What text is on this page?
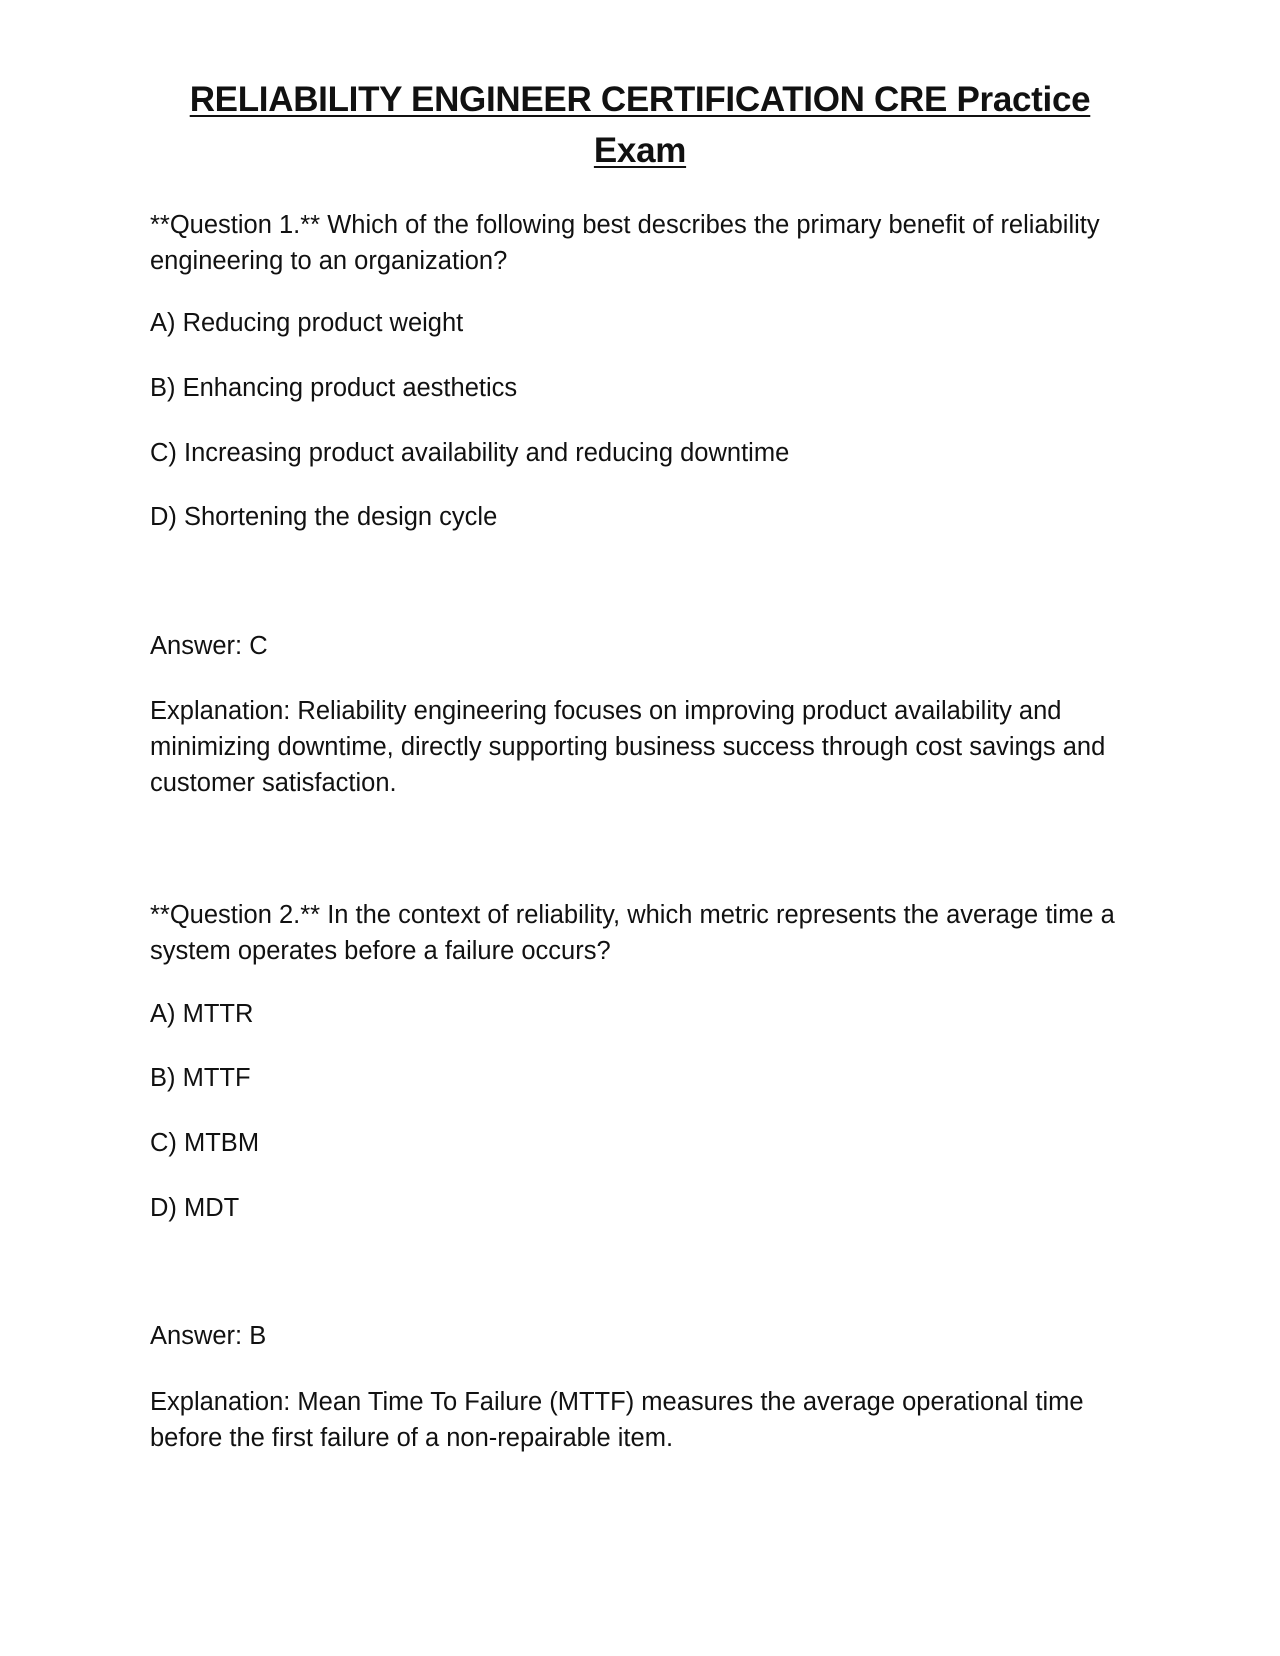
RELIABILITY ENGINEER CERTIFICATION CRE Practice Exam

**Question 1.** Which of the following best describes the primary benefit of reliability engineering to an organization?

A) Reducing product weight

B) Enhancing product aesthetics

C) Increasing product availability and reducing downtime

D) Shortening the design cycle

Answer: C

Explanation: Reliability engineering focuses on improving product availability and minimizing downtime, directly supporting business success through cost savings and customer satisfaction.

**Question 2.** In the context of reliability, which metric represents the average time a system operates before a failure occurs?

A) MTTR

B) MTTF

C) MTBM

D) MDT

Answer: B

Explanation: Mean Time To Failure (MTTF) measures the average operational time before the first failure of a non-repairable item.
